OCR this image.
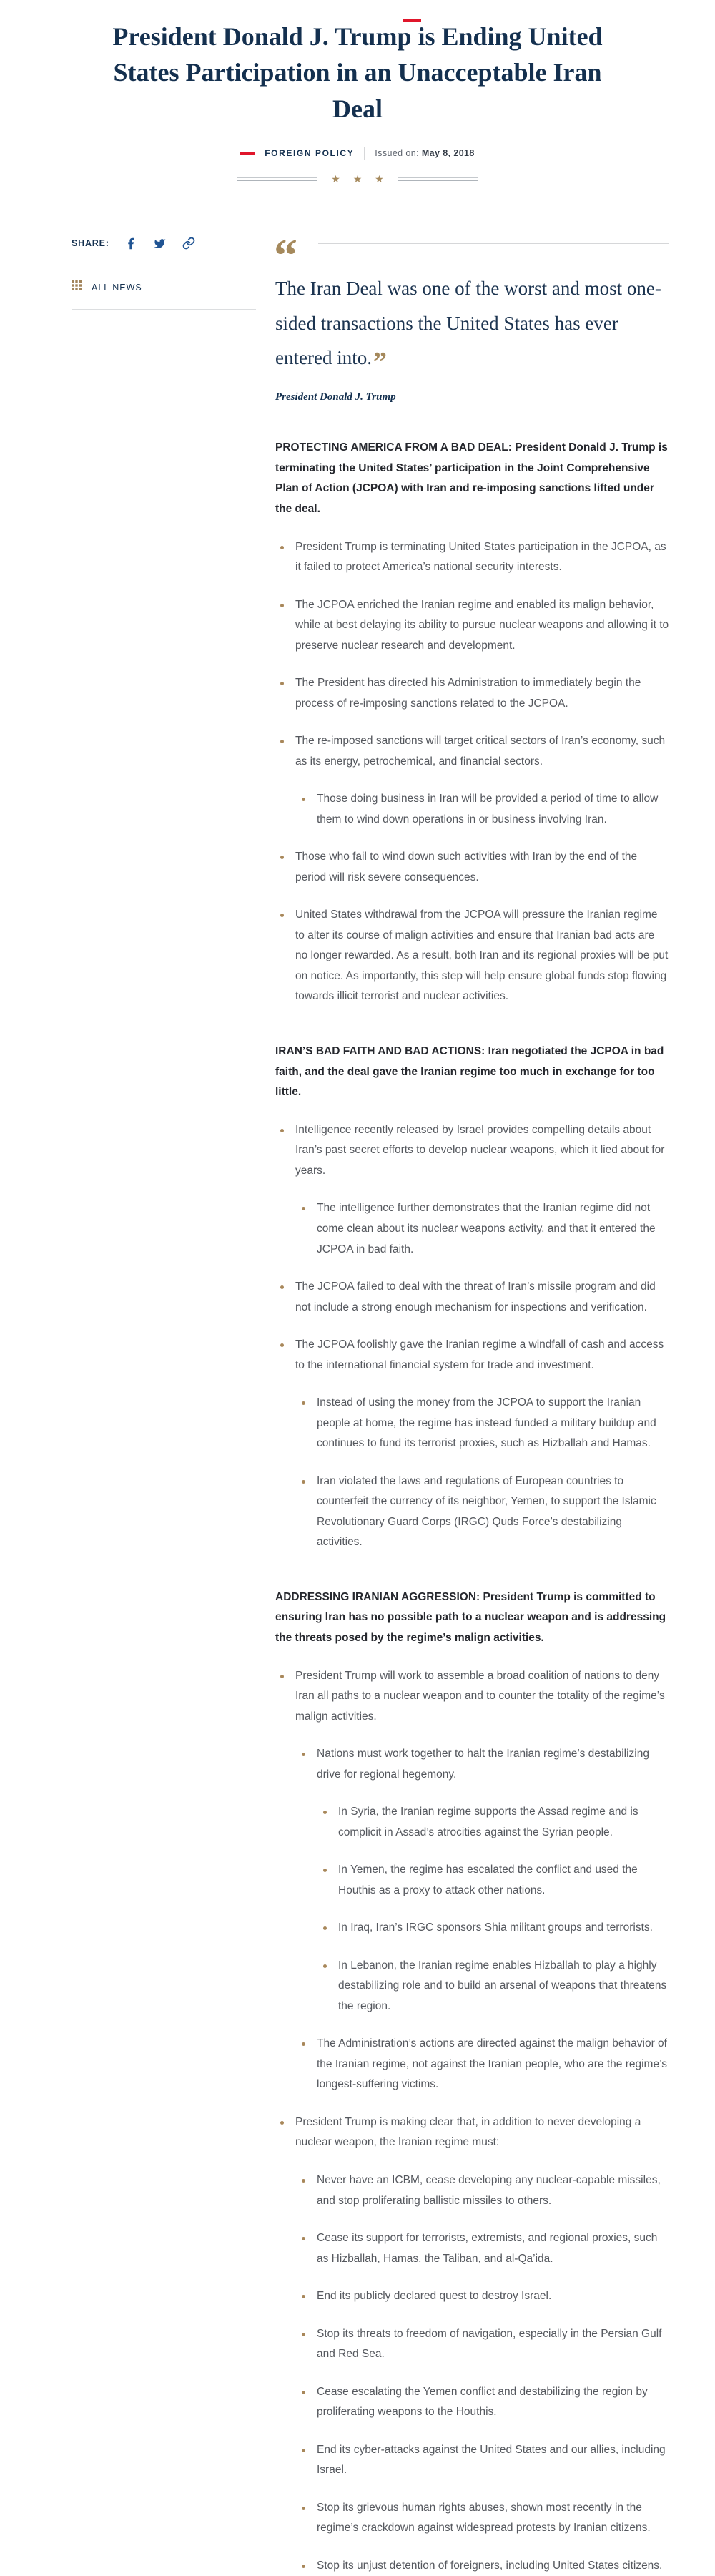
President Donald J. Trump is Ending United States Participation in an Unacceptable Iran Deal
FOREIGN POLICY Issued on: May 8, 2018
★ ★ ★
SHARE:
ALL NEWS
“

The Iran Deal was one of the worst and most one-sided transactions the United States has ever entered into.”

President Donald J. Trump

PROTECTING AMERICA FROM A BAD DEAL: President Donald J. Trump is terminating the United States’ participation in the Joint Comprehensive Plan of Action (JCPOA) with Iran and re-imposing sanctions lifted under the deal.

President Trump is terminating United States participation in the JCPOA, as it failed to protect America’s national security interests.
The JCPOA enriched the Iranian regime and enabled its malign behavior, while at best delaying its ability to pursue nuclear weapons and allowing it to preserve nuclear research and development.
The President has directed his Administration to immediately begin the process of re-imposing sanctions related to the JCPOA.
The re-imposed sanctions will target critical sectors of Iran’s economy, such as its energy, petrochemical, and financial sectors.
Those doing business in Iran will be provided a period of time to allow them to wind down operations in or business involving Iran.
Those who fail to wind down such activities with Iran by the end of the period will risk severe consequences.
United States withdrawal from the JCPOA will pressure the Iranian regime to alter its course of malign activities and ensure that Iranian bad acts are no longer rewarded. As a result, both Iran and its regional proxies will be put on notice. As importantly, this step will help ensure global funds stop flowing towards illicit terrorist and nuclear activities.

IRAN’S BAD FAITH AND BAD ACTIONS: Iran negotiated the JCPOA in bad faith, and the deal gave the Iranian regime too much in exchange for too little.

Intelligence recently released by Israel provides compelling details about Iran’s past secret efforts to develop nuclear weapons, which it lied about for years.
The intelligence further demonstrates that the Iranian regime did not come clean about its nuclear weapons activity, and that it entered the JCPOA in bad faith.
The JCPOA failed to deal with the threat of Iran’s missile program and did not include a strong enough mechanism for inspections and verification.
The JCPOA foolishly gave the Iranian regime a windfall of cash and access to the international financial system for trade and investment.
Instead of using the money from the JCPOA to support the Iranian people at home, the regime has instead funded a military buildup and continues to fund its terrorist proxies, such as Hizballah and Hamas.
Iran violated the laws and regulations of European countries to counterfeit the currency of its neighbor, Yemen, to support the Islamic Revolutionary Guard Corps (IRGC) Quds Force’s destabilizing activities.

ADDRESSING IRANIAN AGGRESSION: President Trump is committed to ensuring Iran has no possible path to a nuclear weapon and is addressing the threats posed by the regime’s malign activities.

President Trump will work to assemble a broad coalition of nations to deny Iran all paths to a nuclear weapon and to counter the totality of the regime’s malign activities.
Nations must work together to halt the Iranian regime’s destabilizing drive for regional hegemony.
In Syria, the Iranian regime supports the Assad regime and is complicit in Assad’s atrocities against the Syrian people.
In Yemen, the regime has escalated the conflict and used the Houthis as a proxy to attack other nations.
In Iraq, Iran’s IRGC sponsors Shia militant groups and terrorists.
In Lebanon, the Iranian regime enables Hizballah to play a highly destabilizing role and to build an arsenal of weapons that threatens the region.
The Administration’s actions are directed against the malign behavior of the Iranian regime, not against the Iranian people, who are the regime’s longest-suffering victims.
President Trump is making clear that, in addition to never developing a nuclear weapon, the Iranian regime must:
Never have an ICBM, cease developing any nuclear-capable missiles, and stop proliferating ballistic missiles to others.
Cease its support for terrorists, extremists, and regional proxies, such as Hizballah, Hamas, the Taliban, and al-Qa’ida.
End its publicly declared quest to destroy Israel.
Stop its threats to freedom of navigation, especially in the Persian Gulf and Red Sea.
Cease escalating the Yemen conflict and destabilizing the region by proliferating weapons to the Houthis.
End its cyber-attacks against the United States and our allies, including Israel.
Stop its grievous human rights abuses, shown most recently in the regime’s crackdown against widespread protests by Iranian citizens.
Stop its unjust detention of foreigners, including United States citizens.
